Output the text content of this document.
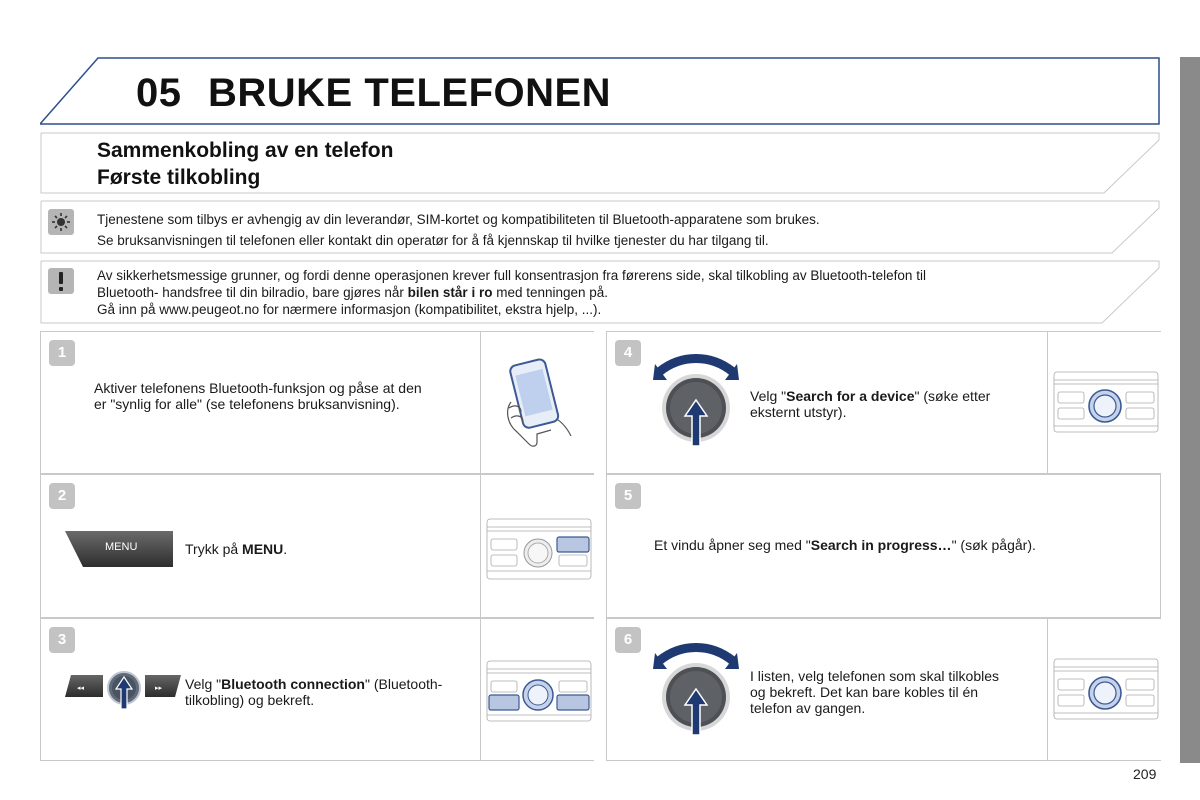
05 BRUKE TELEFONEN
Sammenkobling av en telefon
Første tilkobling

Tjenestene som tilbys er avhengig av din leverandør, SIM-kortet og kompatibiliteten til Bluetooth-apparatene som brukes.

Se bruksanvisningen til telefonen eller kontakt din operatør for å få kjennskap til hvilke tjenester du har tilgang til.

Av sikkerhetsmessige grunner, og fordi denne operasjonen krever full konsentrasjon fra førerens side, skal tilkobling av Bluetooth-telefon til

Bluetooth- handsfree til din bilradio, bare gjøres når bilen står i ro med tenningen på.

Gå inn på www.peugeot.no for nærmere informasjon (kompatibilitet, ekstra hjelp, ...).

1
Aktiver telefonens Bluetooth-funksjon og påse at den er "synlig for alle" (se telefonens bruksanvisning).
2
MENU	Trykk på MENU.
3
◂◂	▸▸ Velg "Bluetooth connection" (Bluetooth-tilkobling) og bekreft.
4
Velg "Search for a device" (søke etter eksternt utstyr).
5
Et vindu åpner seg med "Search in progress…" (søk pågår).
6
I listen, velg telefonen som skal tilkobles og bekreft. Det kan bare kobles til én telefon av gangen.
209
